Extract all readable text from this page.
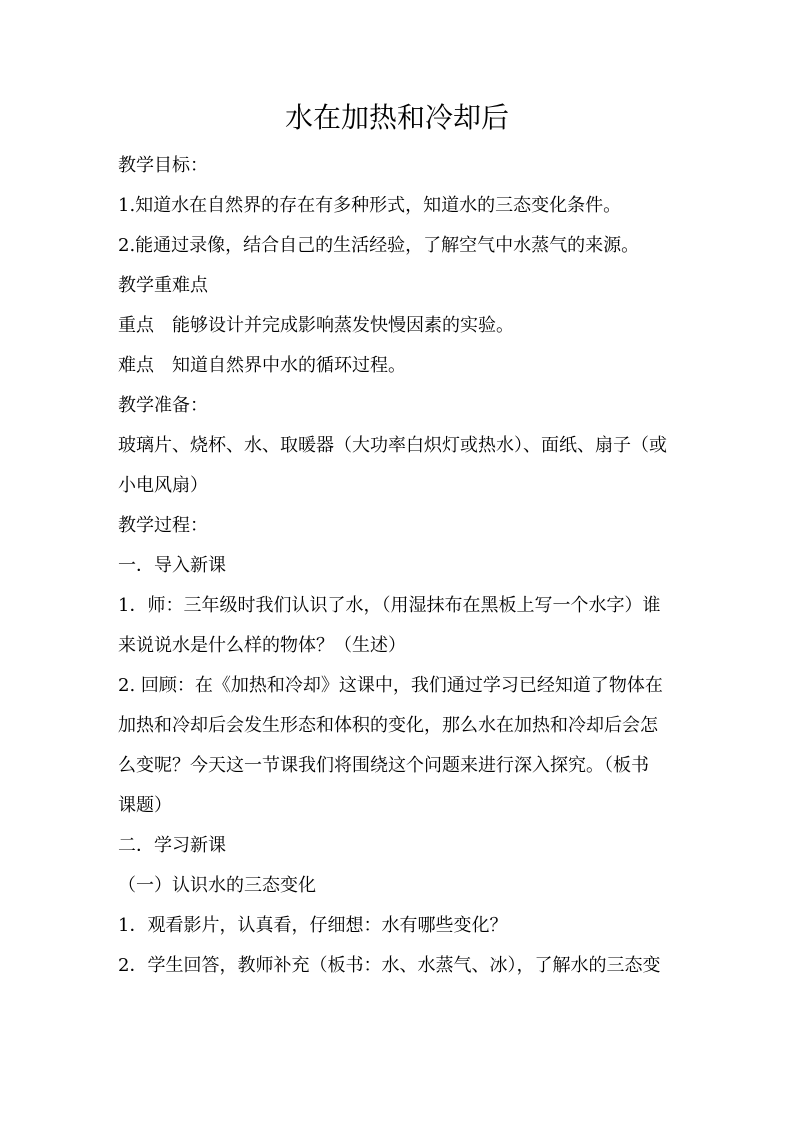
水在加热和冷却后
教学目标：
1.知道水在自然界的存在有多种形式，知道水的三态变化条件。
2.能通过录像，结合自己的生活经验，了解空气中水蒸气的来源。
教学重难点
重点　能够设计并完成影响蒸发快慢因素的实验。
难点　知道自然界中水的循环过程。
教学准备：
玻璃片、烧杯、水、取暖器（大功率白炽灯或热水）、面纸、扇子（或
小电风扇）
教学过程：
一．导入新课
1．师：三年级时我们认识了水，（用湿抹布在黑板上写一个水字）谁
来说说水是什么样的物体？（生述）
2. 回顾：在《加热和冷却》这课中，我们通过学习已经知道了物体在
加热和冷却后会发生形态和体积的变化，那么水在加热和冷却后会怎
么变呢？今天这一节课我们将围绕这个问题来进行深入探究。（板书
课题）
二．学习新课
（一）认识水的三态变化
1．观看影片，认真看，仔细想：水有哪些变化？
2．学生回答，教师补充（板书：水、水蒸气、冰），了解水的三态变
